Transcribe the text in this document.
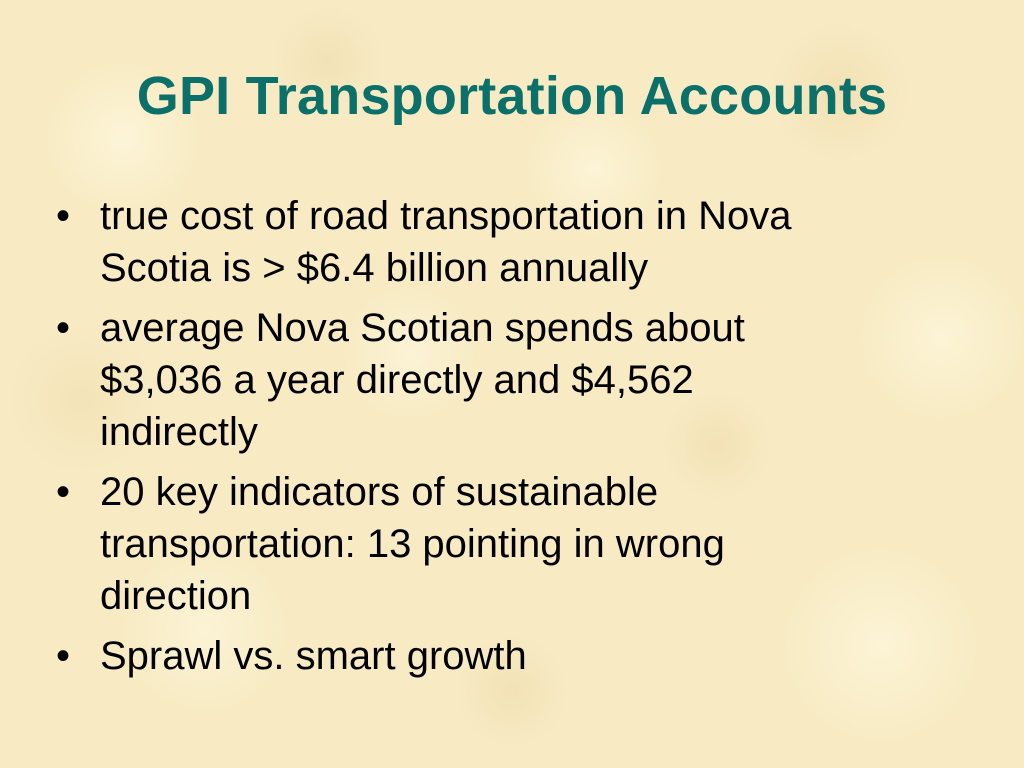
GPI Transportation Accounts
• true cost of road transportation in Nova
Scotia is > $6.4 billion annually
• average Nova Scotian spends about
$3,036 a year directly and $4,562
indirectly
• 20 key indicators of sustainable
transportation: 13 pointing in wrong
direction
• Sprawl vs. smart growth
